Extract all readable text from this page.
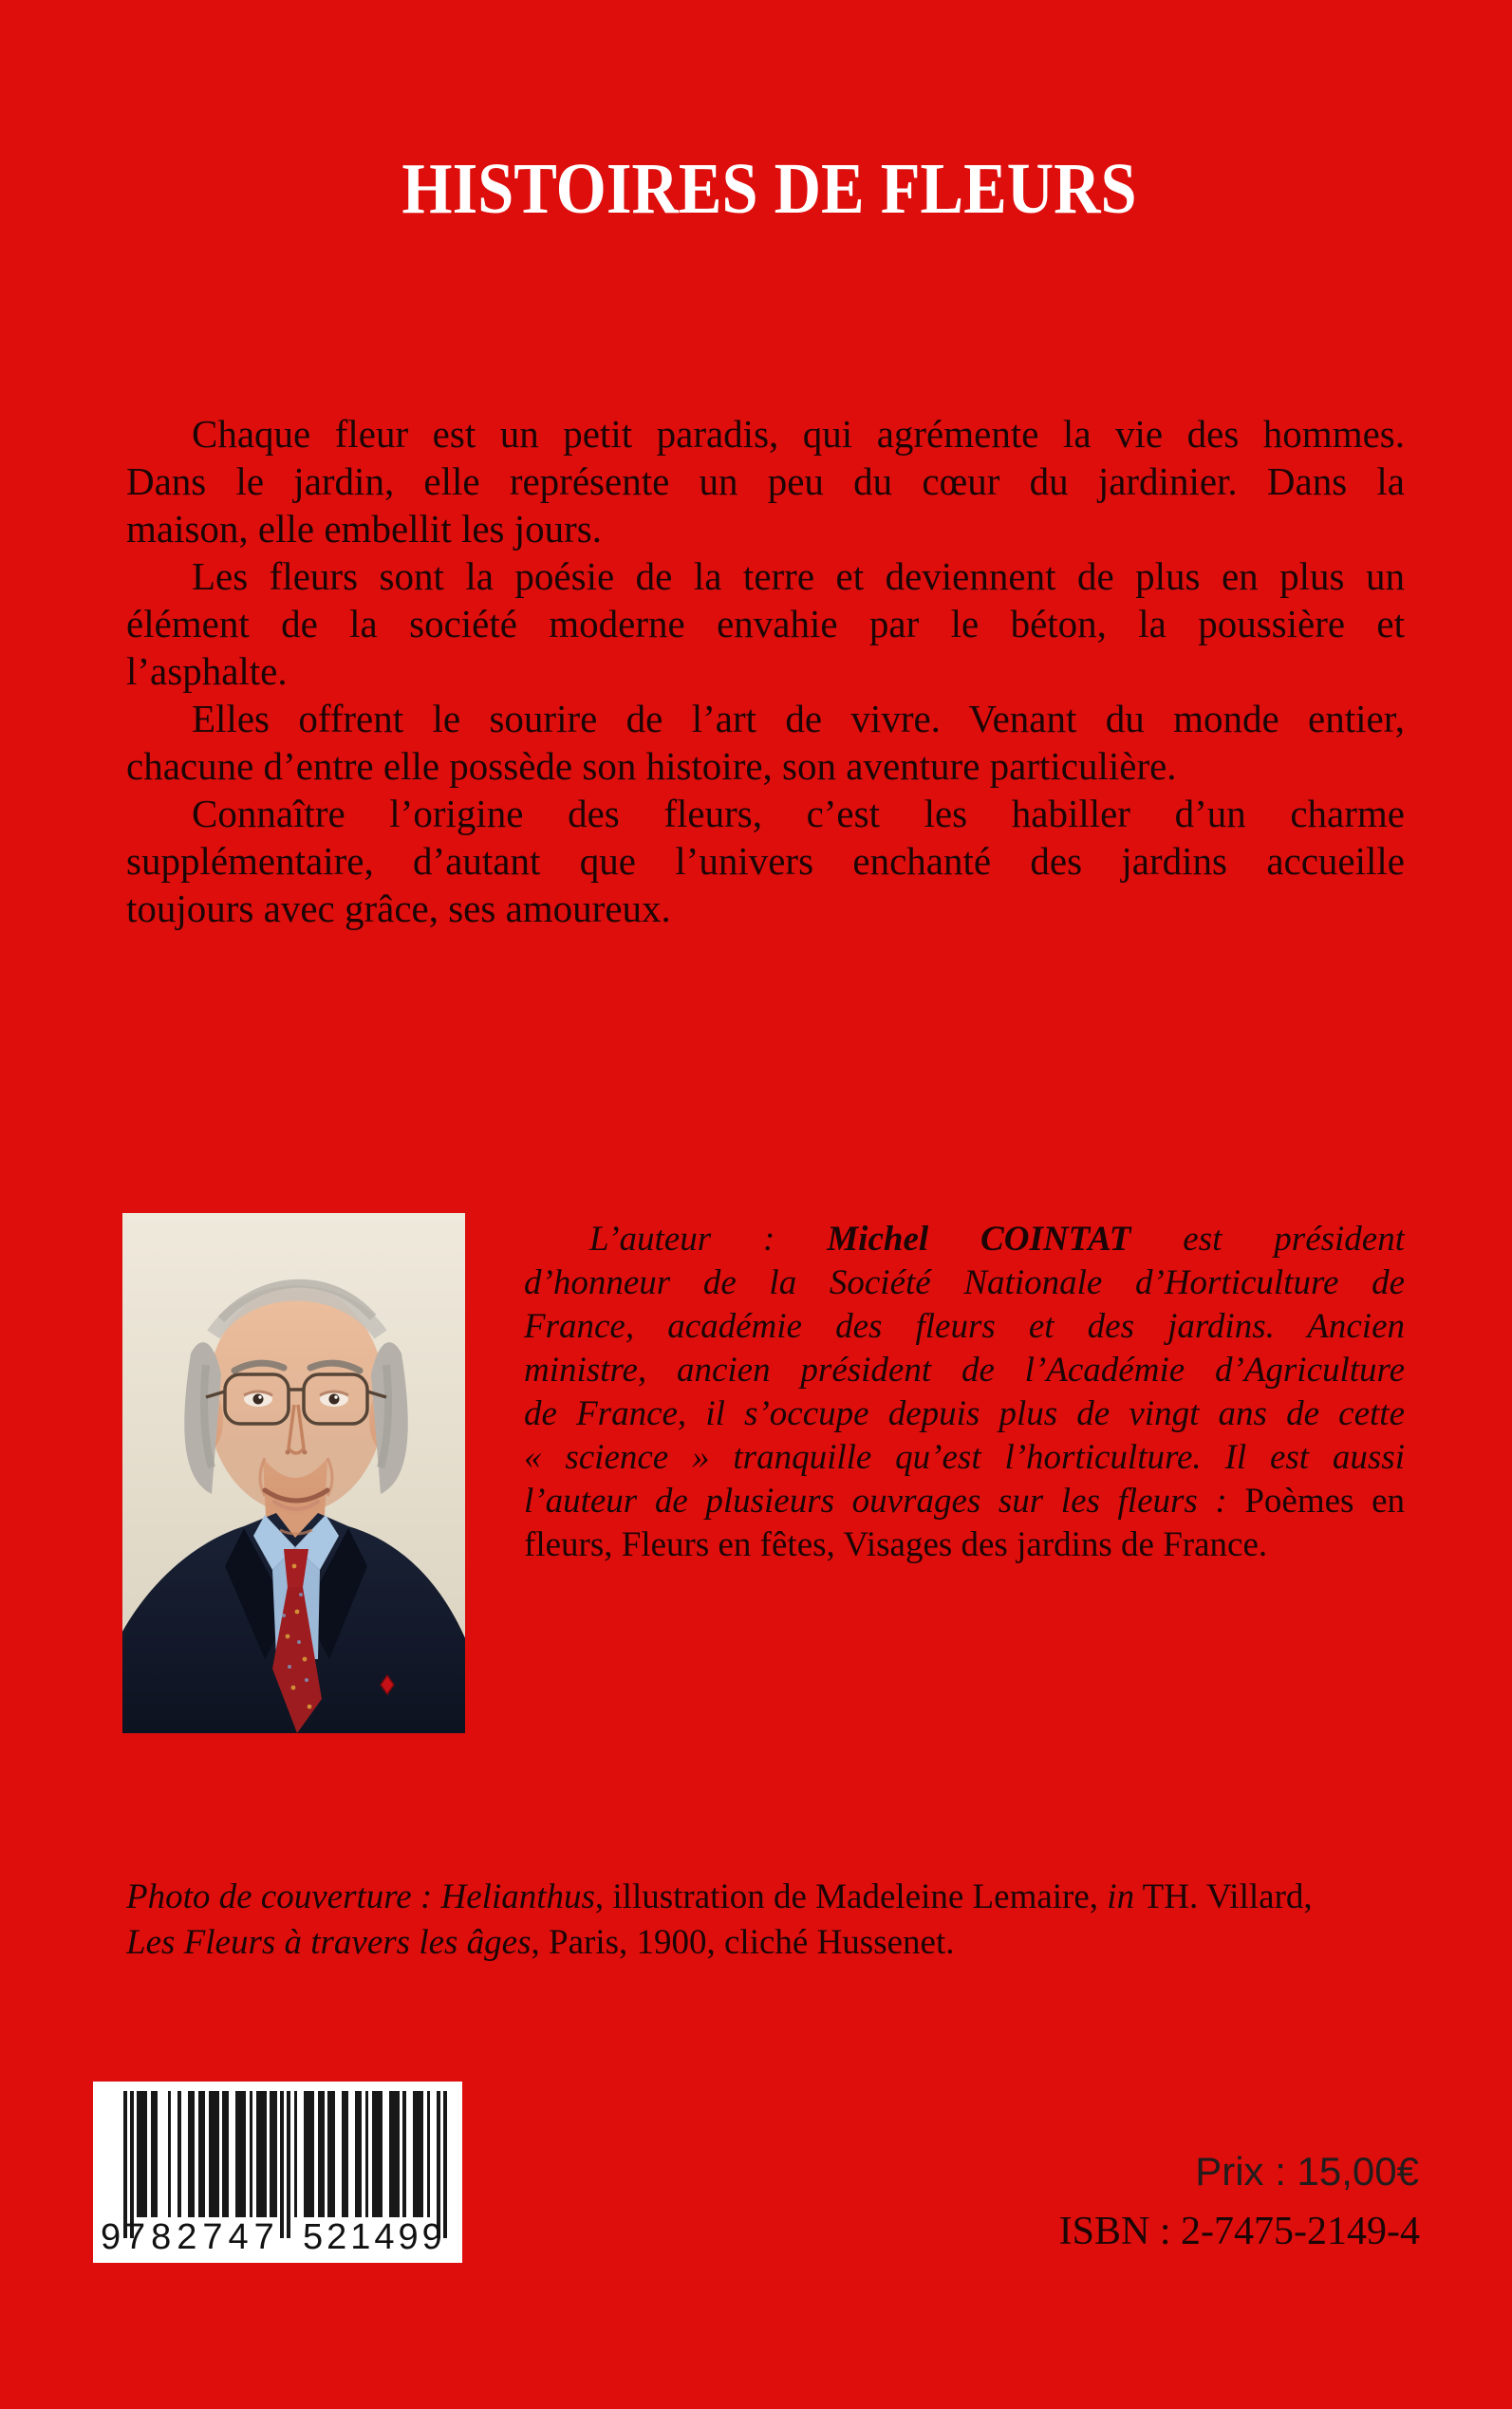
HISTOIRES DE FLEURS
Chaque fleur est un petit paradis, qui agrémente la vie des hommes.
Dans le jardin, elle représente un peu du cœur du jardinier. Dans la
maison, elle embellit les jours.
Les fleurs sont la poésie de la terre et deviennent de plus en plus un
élément de la société moderne envahie par le béton, la poussière et
l’asphalte.
Elles offrent le sourire de l’art de vivre. Venant du monde entier,
chacune d’entre elle possède son histoire, son aventure particulière.
Connaître l’origine des fleurs, c’est les habiller d’un charme
supplémentaire, d’autant que l’univers enchanté des jardins accueille
toujours avec grâce, ses amoureux.
L’auteur : Michel COINTAT est président
d’honneur de la Société Nationale d’Horticulture de
France, académie des fleurs et des jardins. Ancien
ministre, ancien président de l’Académie d’Agriculture
de France, il s’occupe depuis plus de vingt ans de cette
« science » tranquille qu’est l’horticulture. Il est aussi
l’auteur de plusieurs ouvrages sur les fleurs : Poèmes en
fleurs, Fleurs en fêtes, Visages des jardins de France.
Photo de couverture : Helianthus, illustration de Madeleine Lemaire, in TH. Villard,
Les Fleurs à travers les âges, Paris, 1900, cliché Hussenet.
9 782747 521499
Prix : 15,00€
ISBN : 2-7475-2149-4
